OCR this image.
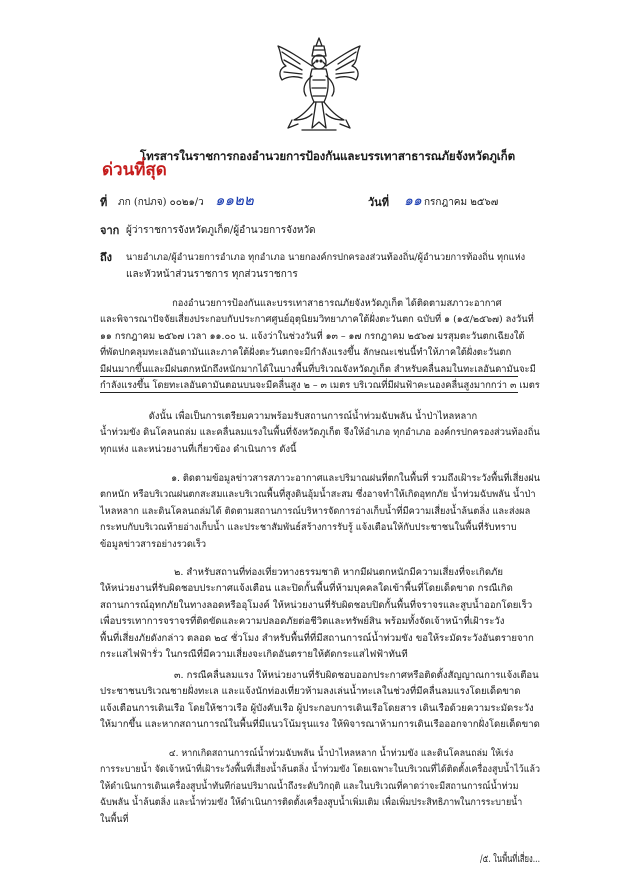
โทรสารในราชการกองอำนวยการป้องกันและบรรเทาสาธารณภัยจังหวัดภูเก็ต
ด่วนที่สุด
ที่ ภก (กปภจ) ๐๐๒๑/ว ๑๑๒๒	วันที่ ๑๑ กรกฎาคม ๒๕๖๗
จาก ผู้ว่าราชการจังหวัดภูเก็ต/ผู้อำนวยการจังหวัด
ถึง นายอำเภอ/ผู้อำนวยการอำเภอ ทุกอำเภอ นายกองค์กรปกครองส่วนท้องถิ่น/ผู้อำนวยการท้องถิ่น ทุกแห่ง
และหัวหน้าส่วนราชการ ทุกส่วนราชการ
กองอำนวยการป้องกันและบรรเทาสาธารณภัยจังหวัดภูเก็ต ได้ติดตามสภาวะอากาศ
และพิจารณาปัจจัยเสี่ยงประกอบกับประกาศศูนย์อุตุนิยมวิทยาภาคใต้ฝั่งตะวันตก ฉบับที่ ๑ (๑๕/๒๕๖๗) ลงวันที่
๑๑ กรกฎาคม ๒๕๖๗ เวลา ๑๑.๐๐ น. แจ้งว่าในช่วงวันที่ ๑๓ – ๑๗ กรกฎาคม ๒๕๖๗ มรสุมตะวันตกเฉียงใต้
ที่พัดปกคลุมทะเลอันดามันและภาคใต้ฝั่งตะวันตกจะมีกำลังแรงขึ้น ลักษณะเช่นนี้ทำให้ภาคใต้ฝั่งตะวันตก
มีฝนมากขึ้นและมีฝนตกหนักถึงหนักมากได้ในบางพื้นที่บริเวณจังหวัดภูเก็ต สำหรับคลื่นลมในทะเลอันดามันจะมี
กำลังแรงขึ้น โดยทะเลอันดามันตอนบนจะมีคลื่นสูง ๒ – ๓ เมตร บริเวณที่มีฝนฟ้าคะนองคลื่นสูงมากกว่า ๓ เมตร
ดังนั้น เพื่อเป็นการเตรียมความพร้อมรับสถานการณ์น้ำท่วมฉับพลัน น้ำป่าไหลหลาก
น้ำท่วมขัง ดินโคลนถล่ม และคลื่นลมแรงในพื้นที่จังหวัดภูเก็ต จึงให้อำเภอ ทุกอำเภอ องค์กรปกครองส่วนท้องถิ่น
ทุกแห่ง และหน่วยงานที่เกี่ยวข้อง ดำเนินการ ดังนี้
๑. ติดตามข้อมูลข่าวสารสภาวะอากาศและปริมาณฝนที่ตกในพื้นที่ รวมถึงเฝ้าระวังพื้นที่เสี่ยงฝน
ตกหนัก หรือบริเวณฝนตกสะสมและบริเวณพื้นที่สูงดินอุ้มน้ำสะสม ซึ่งอาจทำให้เกิดอุทกภัย น้ำท่วมฉับพลัน น้ำป่า
ไหลหลาก และดินโคลนถล่มได้ ติดตามสถานการณ์บริหารจัดการอ่างเก็บน้ำที่มีความเสี่ยงน้ำล้นตลิ่ง และส่งผล
กระทบกับบริเวณท้ายอ่างเก็บน้ำ และประชาสัมพันธ์สร้างการรับรู้ แจ้งเตือนให้กับประชาชนในพื้นที่รับทราบ
ข้อมูลข่าวสารอย่างรวดเร็ว
๒. สำหรับสถานที่ท่องเที่ยวทางธรรมชาติ หากมีฝนตกหนักมีความเสี่ยงที่จะเกิดภัย
ให้หน่วยงานที่รับผิดชอบประกาศแจ้งเตือน และปิดกั้นพื้นที่ห้ามบุคคลใดเข้าพื้นที่โดยเด็ดขาด กรณีเกิด
สถานการณ์อุทกภัยในทางลอดหรืออุโมงค์ ให้หน่วยงานที่รับผิดชอบปิดกั้นพื้นที่จราจรและสูบน้ำออกโดยเร็ว
เพื่อบรรเทาการจราจรที่ติดขัดและความปลอดภัยต่อชีวิตและทรัพย์สิน พร้อมทั้งจัดเจ้าหน้าที่เฝ้าระวัง
พื้นที่เสี่ยงภัยดังกล่าว ตลอด ๒๔ ชั่วโมง สำหรับพื้นที่ที่มีสถานการณ์น้ำท่วมขัง ขอให้ระมัดระวังอันตรายจาก
กระแสไฟฟ้ารั่ว ในกรณีที่มีความเสี่ยงจะเกิดอันตรายให้ตัดกระแสไฟฟ้าทันที
๓. กรณีคลื่นลมแรง ให้หน่วยงานที่รับผิดชอบออกประกาศหรือติดตั้งสัญญาณการแจ้งเตือน
ประชาชนบริเวณชายฝั่งทะเล และแจ้งนักท่องเที่ยวห้ามลงเล่นน้ำทะเลในช่วงที่มีคลื่นลมแรงโดยเด็ดขาด
แจ้งเตือนการเดินเรือ โดยให้ชาวเรือ ผู้บังคับเรือ ผู้ประกอบการเดินเรือโดยสาร เดินเรือด้วยความระมัดระวัง
ให้มากขึ้น และหากสถานการณ์ในพื้นที่มีแนวโน้มรุนแรง ให้พิจารณาห้ามการเดินเรือออกจากฝั่งโดยเด็ดขาด
๔. หากเกิดสถานการณ์น้ำท่วมฉับพลัน น้ำป่าไหลหลาก น้ำท่วมขัง และดินโคลนถล่ม ให้เร่ง
การระบายน้ำ จัดเจ้าหน้าที่เฝ้าระวังพื้นที่เสี่ยงน้ำล้นตลิ่ง น้ำท่วมขัง โดยเฉพาะในบริเวณที่ได้ติดตั้งเครื่องสูบน้ำไว้แล้ว
ให้ดำเนินการเดินเครื่องสูบน้ำทันทีก่อนปริมาณน้ำถึงระดับวิกฤติ และในบริเวณที่คาดว่าจะมีสถานการณ์น้ำท่วม
ฉับพลัน น้ำล้นตลิ่ง และน้ำท่วมขัง ให้ดำเนินการติดตั้งเครื่องสูบน้ำเพิ่มเติม เพื่อเพิ่มประสิทธิภาพในการระบายน้ำ
ในพื้นที่
/๕. ในพื้นที่เสี่ยง...
